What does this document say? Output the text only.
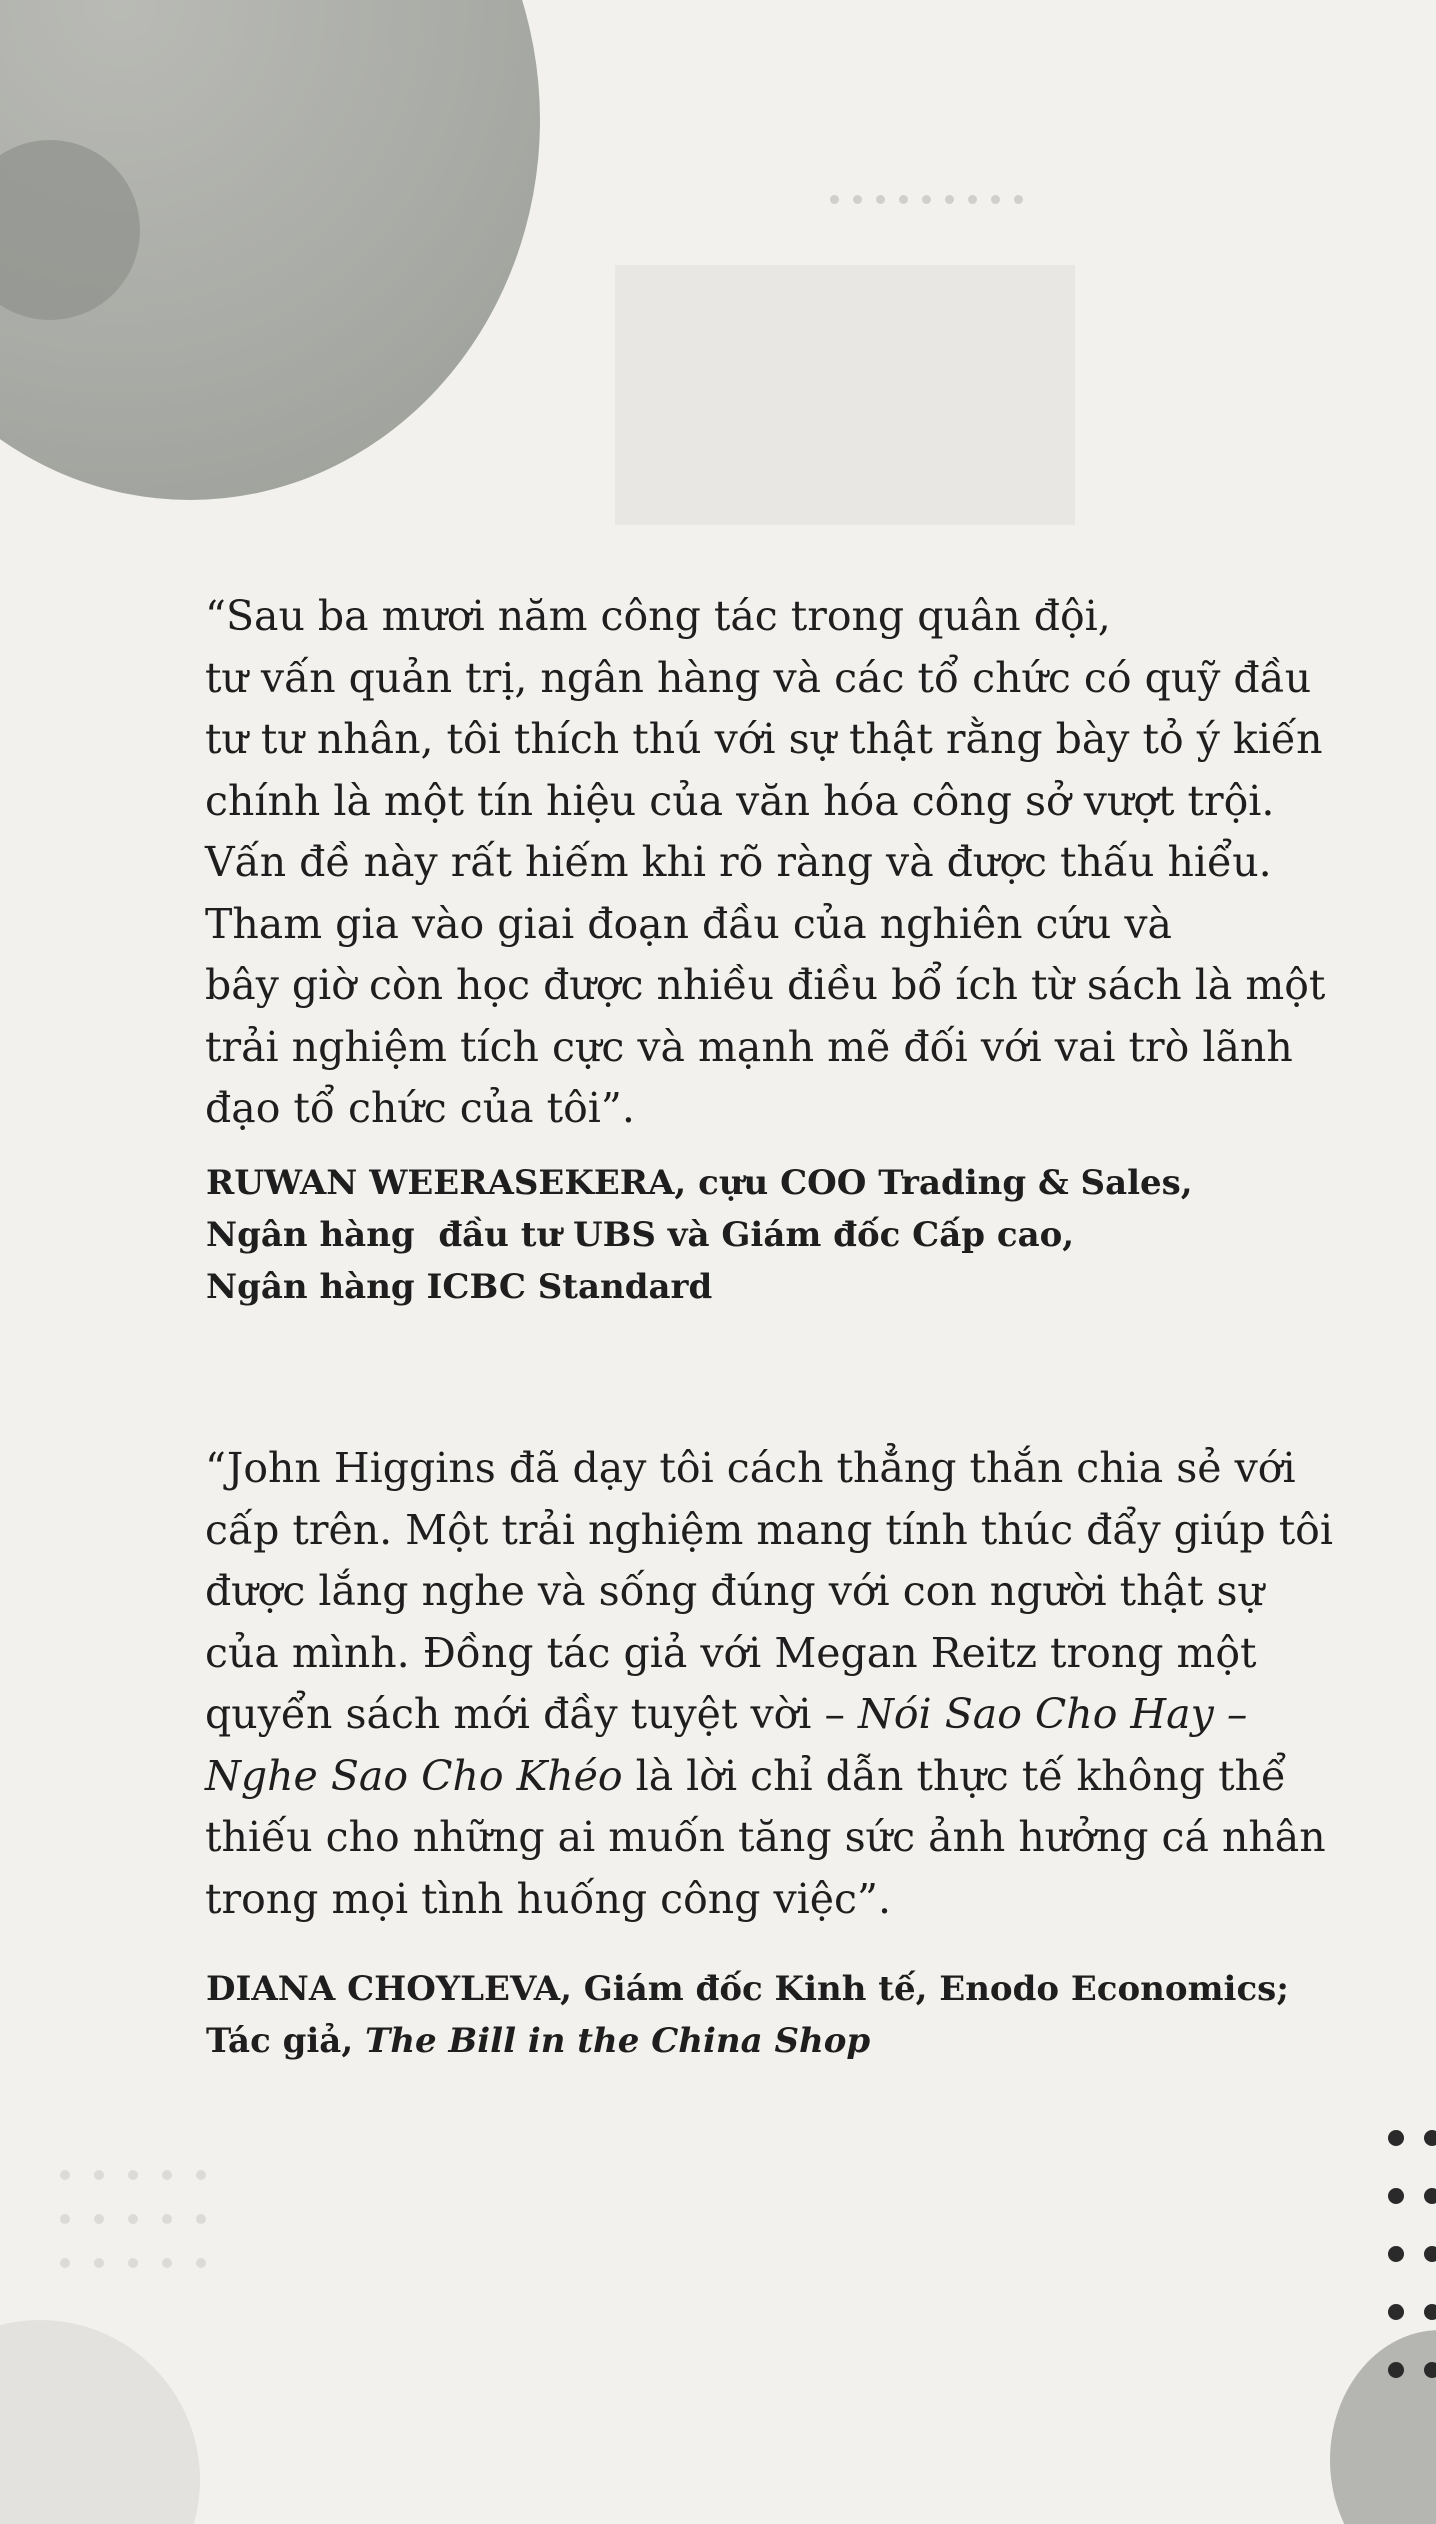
“Sau ba mươi năm công tác trong quân đội,
tư vấn quản trị, ngân hàng và các tổ chức có quỹ đầu
tư tư nhân, tôi thích thú với sự thật rằng bày tỏ ý kiến
chính là một tín hiệu của văn hóa công sở vượt trội.
Vấn đề này rất hiếm khi rõ ràng và được thấu hiểu.
Tham gia vào giai đoạn đầu của nghiên cứu và
bây giờ còn học được nhiều điều bổ ích từ sách là một
trải nghiệm tích cực và mạnh mẽ đối với vai trò lãnh
đạo tổ chức của tôi”.

RUWAN WEERASEKERA, cựu COO Trading & Sales,
Ngân hàng  đầu tư UBS và Giám đốc Cấp cao,
Ngân hàng ICBC Standard

“John Higgins đã dạy tôi cách thẳng thắn chia sẻ với
cấp trên. Một trải nghiệm mang tính thúc đẩy giúp tôi
được lắng nghe và sống đúng với con người thật sự
của mình. Đồng tác giả với Megan Reitz trong một
quyển sách mới đầy tuyệt vời – Nói Sao Cho Hay –
Nghe Sao Cho Khéo là lời chỉ dẫn thực tế không thể
thiếu cho những ai muốn tăng sức ảnh hưởng cá nhân
trong mọi tình huống công việc”.

DIANA CHOYLEVA, Giám đốc Kinh tế, Enodo Economics;
Tác giả, The Bill in the China Shop
